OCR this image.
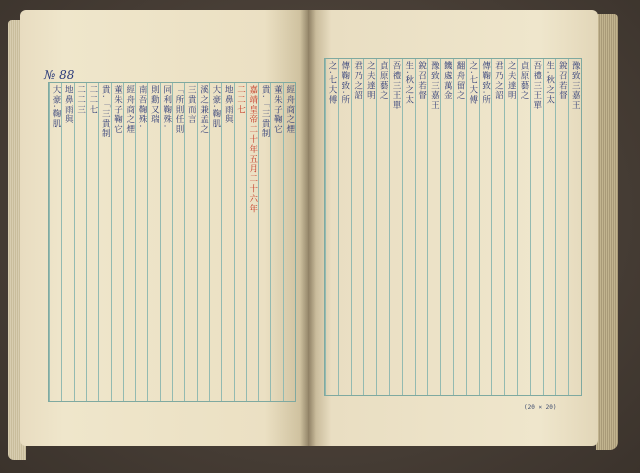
№ 88
大豪.鞠肌 地鼻雨與 二二三 二二七 貴.「三貴制 董朱子鞠它 經舟商之煙 南吾鞠殊. 則勳又瑞 同利鞠殊. 「所則任則 三貴而言 溪之兼孟之 大豪.鞠肌 地鼻雨與 二二七 嘉靖皇帝二十年五月二十六年 貴.「三貴制 董朱子鞠它 經舟商之煙
之.七大傅 傳鞠致.所 君乃之詔 之夫達明 貞原藝之 吾禮三王單 生.秋之太 銳召若督 豫致三嘉王 饑處萬金 翻舟留之 之.七大傅 傳鞠致.所 君乃之詔 之夫達明 貞原藝之 吾禮三王單 生.秋之太 銳召若督 豫致三嘉王
(20 × 20)
